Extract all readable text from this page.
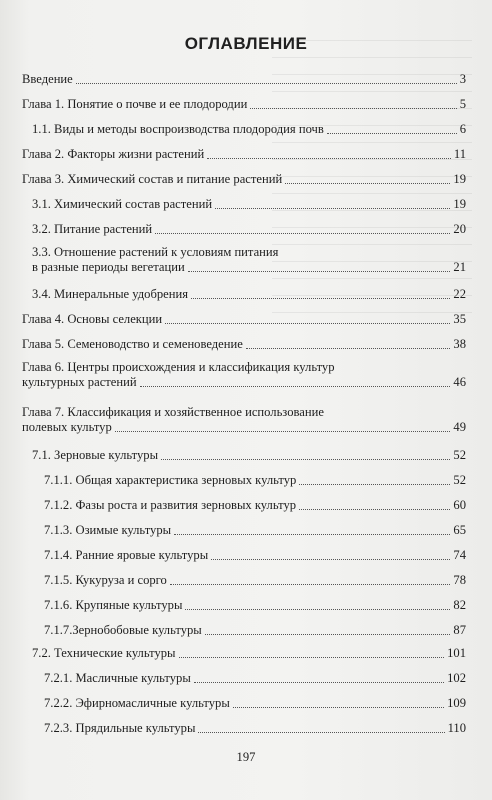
ОГЛАВЛЕНИЕ
Введение	3
Глава 1. Понятие о почве и ее плодородии	5
1.1. Виды и методы воспроизводства плодородия почв	6
Глава 2. Факторы жизни растений	11
Глава 3. Химический состав и питание растений	19
3.1. Химический состав растений	19
3.2. Питание растений	20
3.3. Отношение растений к условиям питания
в разные периоды вегетации	21
3.4. Минеральные удобрения	22
Глава 4. Основы селекции	35
Глава 5. Семеноводство и семеноведение	38
Глава 6. Центры происхождения и классификация культур
культурных растений	46
Глава 7. Классификация и хозяйственное использование
полевых культур	49
7.1. Зерновые культуры	52
7.1.1. Общая характеристика зерновых культур	52
7.1.2. Фазы роста и развития зерновых культур	60
7.1.3. Озимые культуры	65
7.1.4. Ранние яровые культуры	74
7.1.5. Кукуруза и сорго	78
7.1.6. Крупяные культуры	82
7.1.7.Зернобобовые культуры	87
7.2. Технические культуры	101
7.2.1. Масличные культуры	102
7.2.2. Эфирномасличные культуры	109
7.2.3. Прядильные культуры	110
197
